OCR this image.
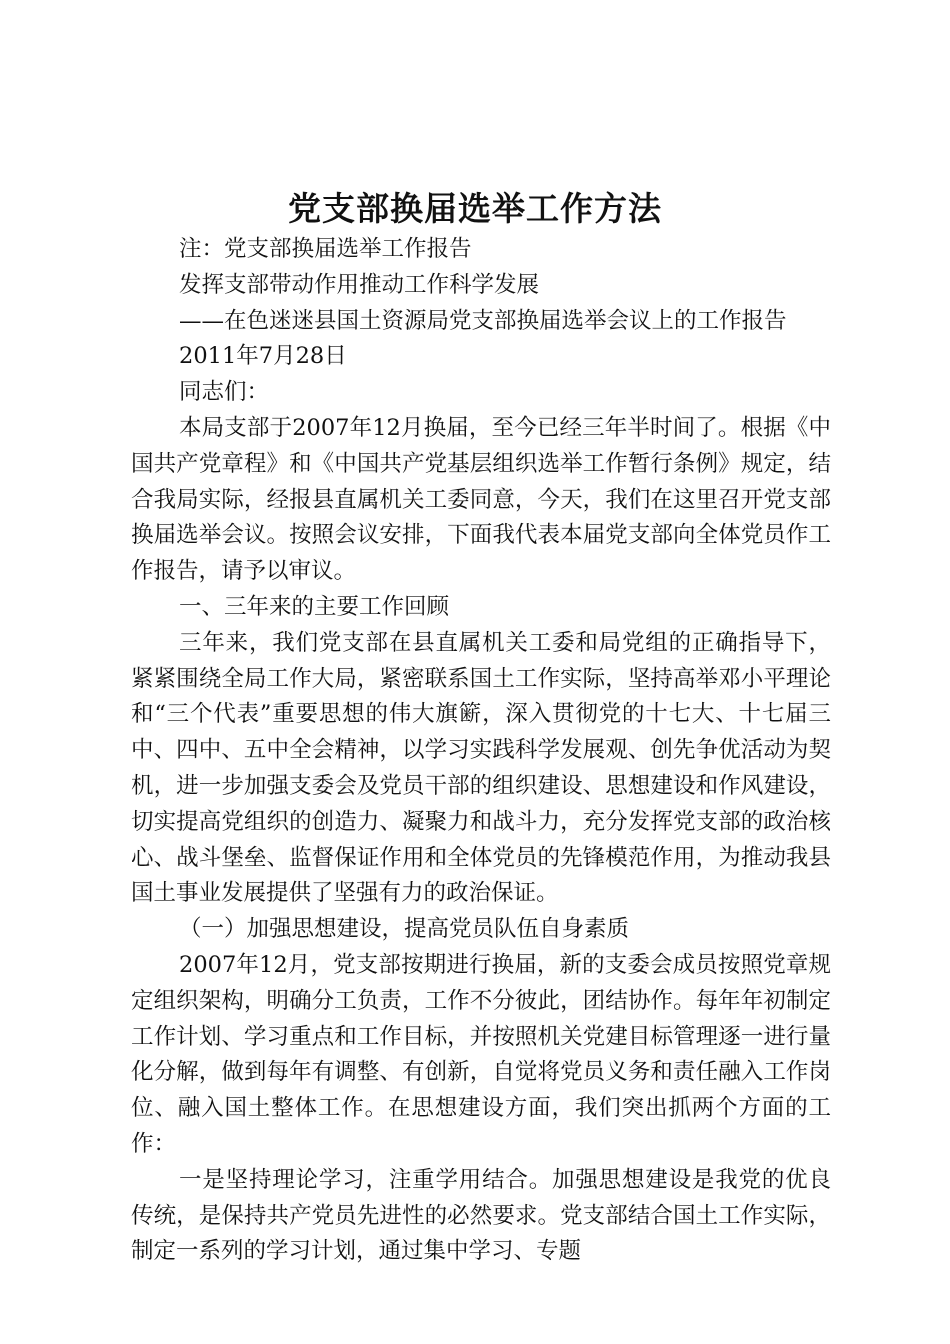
党支部换届选举工作方法

注：党支部换届选举工作报告

发挥支部带动作用推动工作科学发展

——在色迷迷县国土资源局党支部换届选举会议上的工作报告

2011年7月28日

同志们：

本局支部于2007年12月换届，至今已经三年半时间了。根据《中国共产党章程》和《中国共产党基层组织选举工作暂行条例》规定，结合我局实际，经报县直属机关工委同意，今天，我们在这里召开党支部换届选举会议。按照会议安排，下面我代表本届党支部向全体党员作工作报告，请予以审议。

一、三年来的主要工作回顾

三年来，我们党支部在县直属机关工委和局党组的正确指导下，紧紧围绕全局工作大局，紧密联系国土工作实际，坚持高举邓小平理论和“三个代表”重要思想的伟大旗簖，深入贯彻党的十七大、十七届三中、四中、五中全会精神，以学习实践科学发展观、创先争优活动为契机，进一步加强支委会及党员干部的组织建设、思想建设和作风建设，切实提高党组织的创造力、凝聚力和战斗力，充分发挥党支部的政治核心、战斗堡垒、监督保证作用和全体党员的先锋模范作用，为推动我县国土事业发展提供了坚强有力的政治保证。

（一）加强思想建设，提高党员队伍自身素质

2007年12月，党支部按期进行换届，新的支委会成员按照党章规定组织架构，明确分工负责，工作不分彼此，团结协作。每年年初制定工作计划、学习重点和工作目标，并按照机关党建目标管理逐一进行量化分解，做到每年有调整、有创新，自觉将党员义务和责任融入工作岗位、融入国土整体工作。在思想建设方面，我们突出抓两个方面的工作：

一是坚持理论学习，注重学用结合。加强思想建设是我党的优良传统，是保持共产党员先进性的必然要求。党支部结合国土工作实际，制定一系列的学习计划，通过集中学习、专题
